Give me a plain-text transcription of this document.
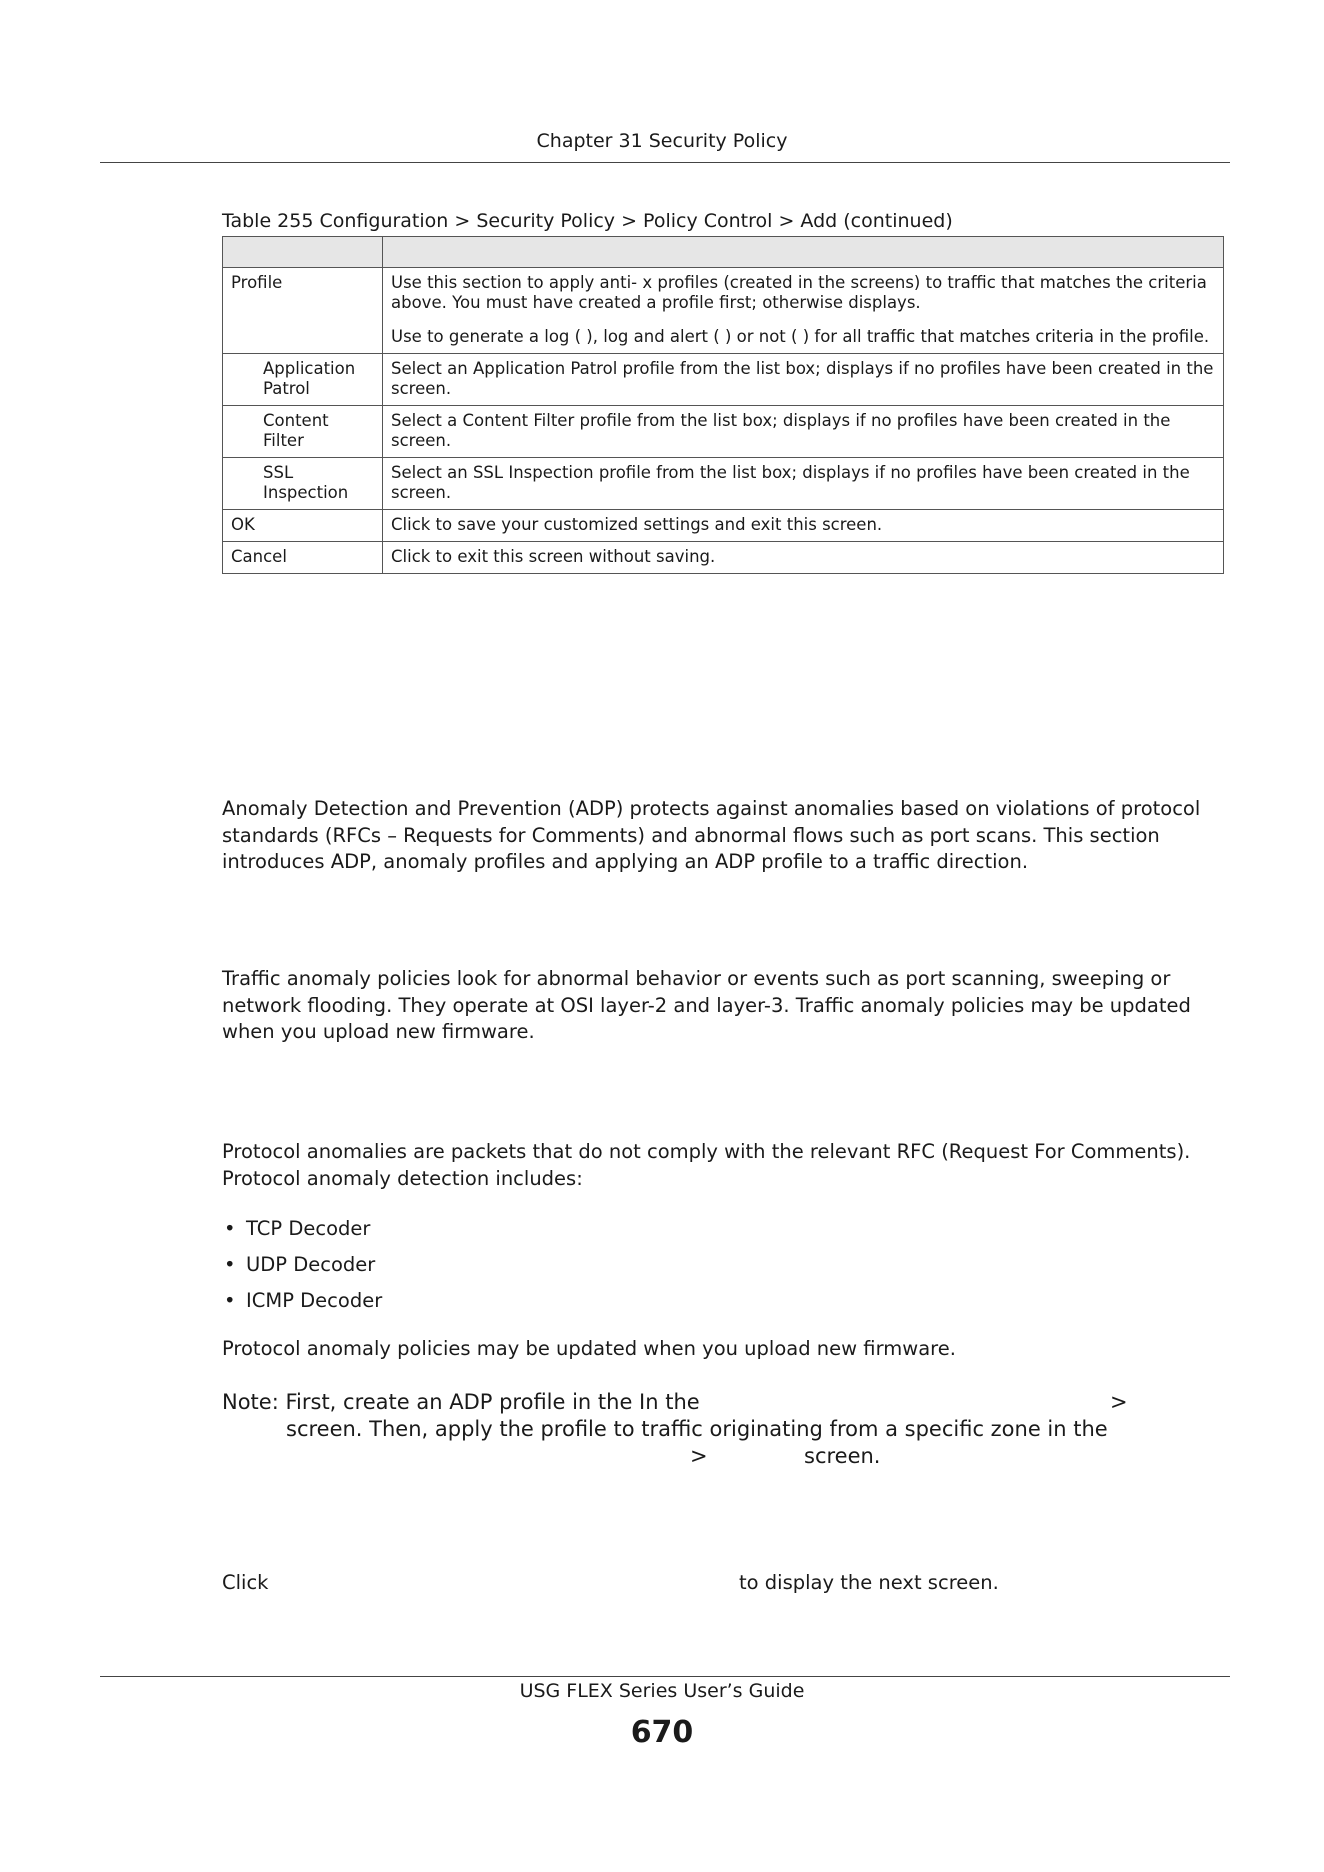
Chapter 31 Security Policy
Table 255 Configuration > Security Policy > Policy Control > Add (continued)

Profile	Use this section to apply anti- x profiles (created in the screens) to traffic that matches the criteria above. You must have created a profile first; otherwise displays.

Use to generate a log ( ), log and alert ( ) or not ( ) for all traffic that matches criteria in the profile.

Application Patrol	Select an Application Patrol profile from the list box; displays if no profiles have been created in the screen.

Content Filter	Select a Content Filter profile from the list box; displays if no profiles have been created in the screen.

SSL Inspection	Select an SSL Inspection profile from the list box; displays if no profiles have been created in the screen.

OK	Click to save your customized settings and exit this screen.

Cancel	Click to exit this screen without saving.

Anomaly Detection and Prevention (ADP) protects against anomalies based on violations of protocol standards (RFCs – Requests for Comments) and abnormal flows such as port scans. This section introduces ADP, anomaly profiles and applying an ADP profile to a traffic direction.

Traffic anomaly policies look for abnormal behavior or events such as port scanning, sweeping or network flooding. They operate at OSI layer-2 and layer-3. Traffic anomaly policies may be updated when you upload new firmware.

Protocol anomalies are packets that do not comply with the relevant RFC (Request For Comments). Protocol anomaly detection includes:

• TCP Decoder
• UDP Decoder
• ICMP Decoder

Protocol anomaly policies may be updated when you upload new firmware.

Note: First, create an ADP profile in the In the	>
screen. Then, apply the profile to traffic originating from a specific zone in the
>	screen.
Click	to display the next screen.
USG FLEX Series User’s Guide
670
